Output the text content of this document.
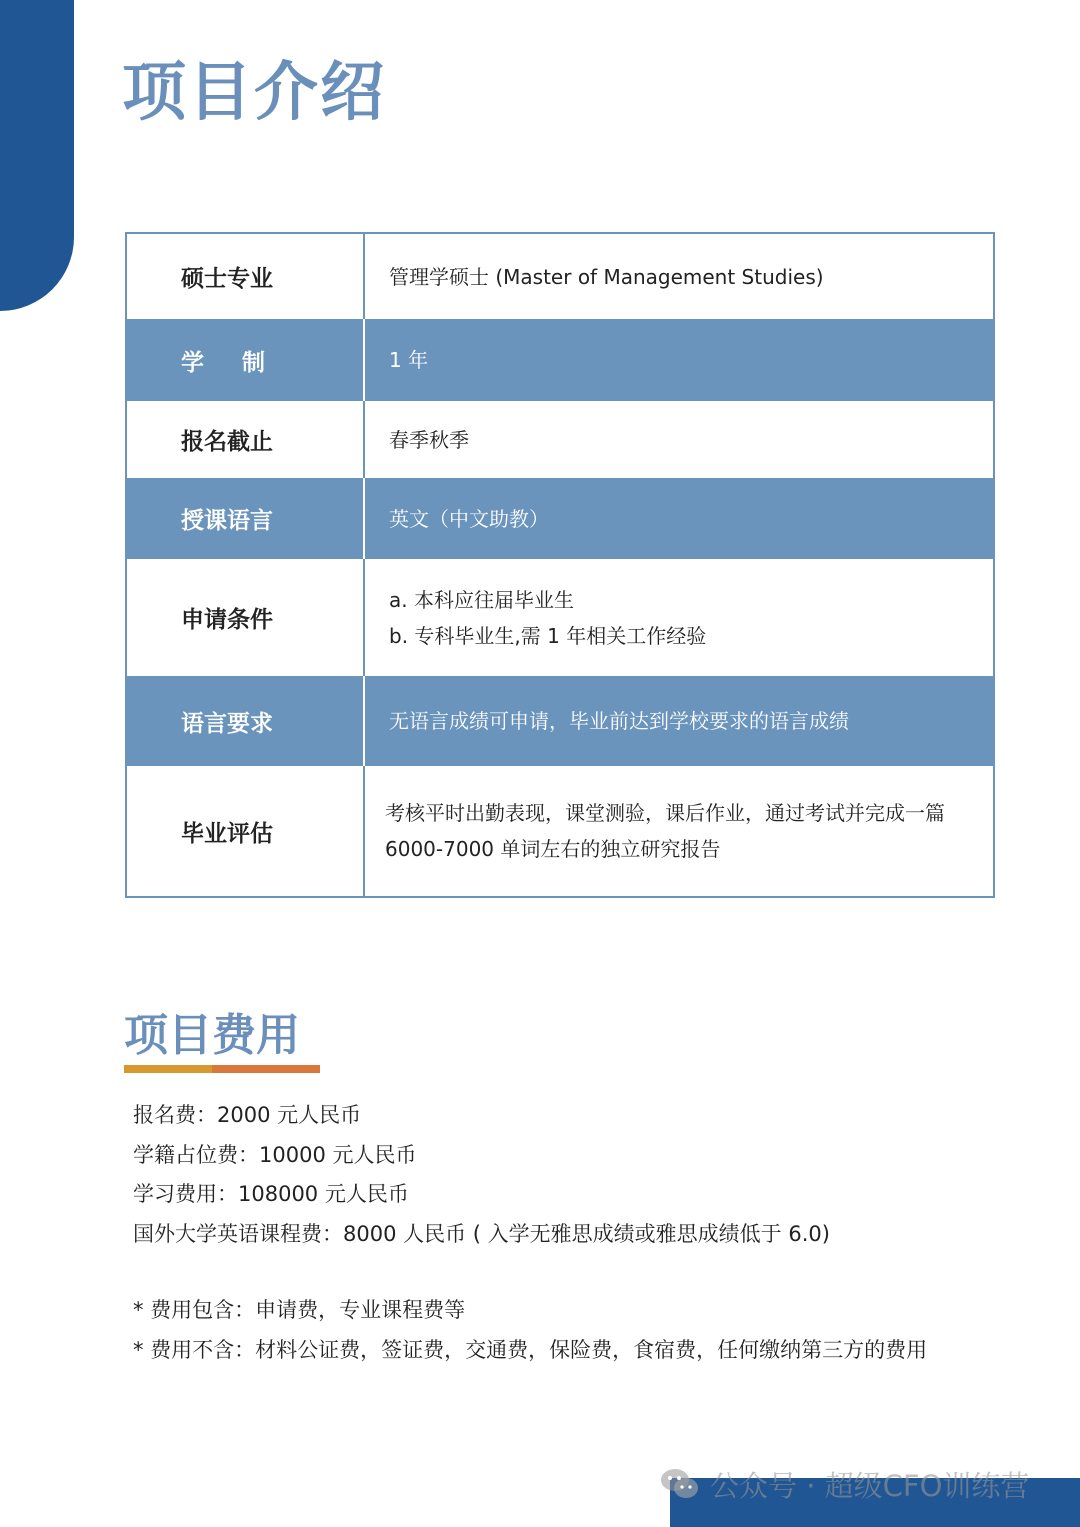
项目介绍
硕士专业	管理学硕士 (Master of Management Studies)

学制	1 年

报名截止	春季秋季

授课语言	英文（中文助教）

申请条件	a. 本科应往届毕业生
b. 专科毕业生,需 1 年相关工作经验

语言要求	无语言成绩可申请，毕业前达到学校要求的语言成绩

毕业评估	考核平时出勤表现，课堂测验，课后作业，通过考试并完成一篇
6000-7000 单词左右的独立研究报告
项目费用
报名费：2000 元人民币
学籍占位费：10000 元人民币
学习费用：108000 元人民币
国外大学英语课程费：8000 人民币 ( 入学无雅思成绩或雅思成绩低于 6.0)
* 费用包含：申请费，专业课程费等
* 费用不含：材料公证费，签证费，交通费，保险费，食宿费，任何缴纳第三方的费用
公众号 · 超级CFO训练营
